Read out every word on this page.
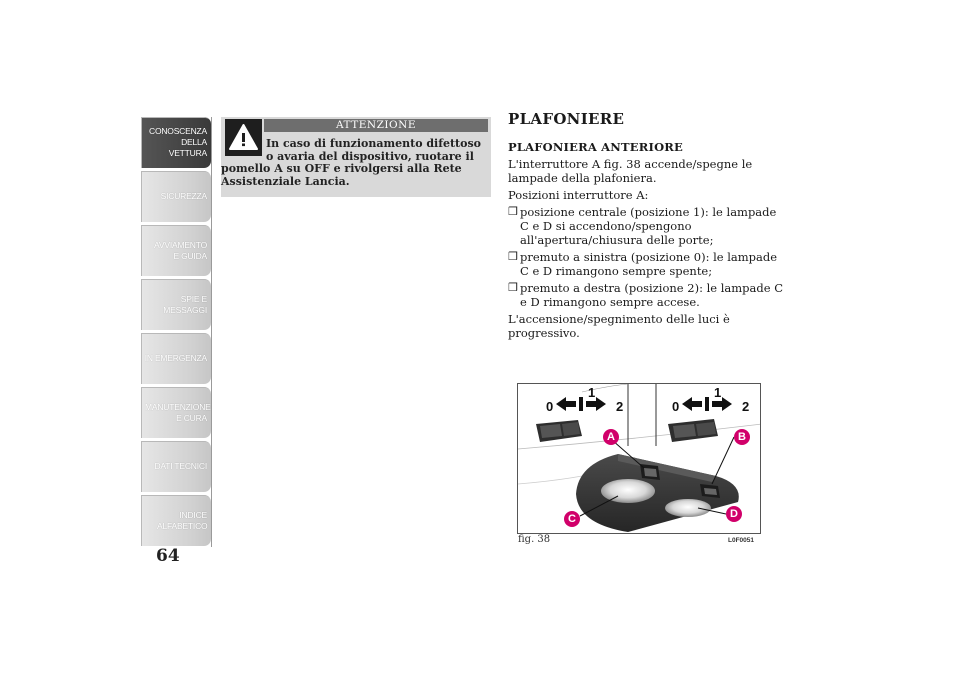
CONOSCENZA DELLA VETTURA
SICUREZZA
AVVIAMENTO E GUIDA
SPIE E MESSAGGI
IN EMERGENZA
MANUTENZIONE E CURA
DATI TECNICI
INDICE ALFABETICO
64
ATTENZIONE
In caso di funzionamento difettoso o avaria del dispositivo, ruotare il
pomello A su OFF e rivolgersi alla Rete Assistenziale Lancia.
PLAFONIERE
PLAFONIERA ANTERIORE

L'interruttore A fig. 38 accende/spegne le lampade della plafoniera.

Posizioni interruttore A:

❒ posizione centrale (posizione 1): le lampade C e D si accendono/spengono all'apertura/chiusura delle porte;
❒ premuto a sinistra (posizione 0): le lampade C e D rimangono sempre spente;
❒ premuto a destra (posizione 2): le lampade C e D rimangono sempre accese.

L'accensione/spegnimento delle luci è progressivo.

0
1
2	0
1
2
A	B
C	D
fig. 38	L0F0051
